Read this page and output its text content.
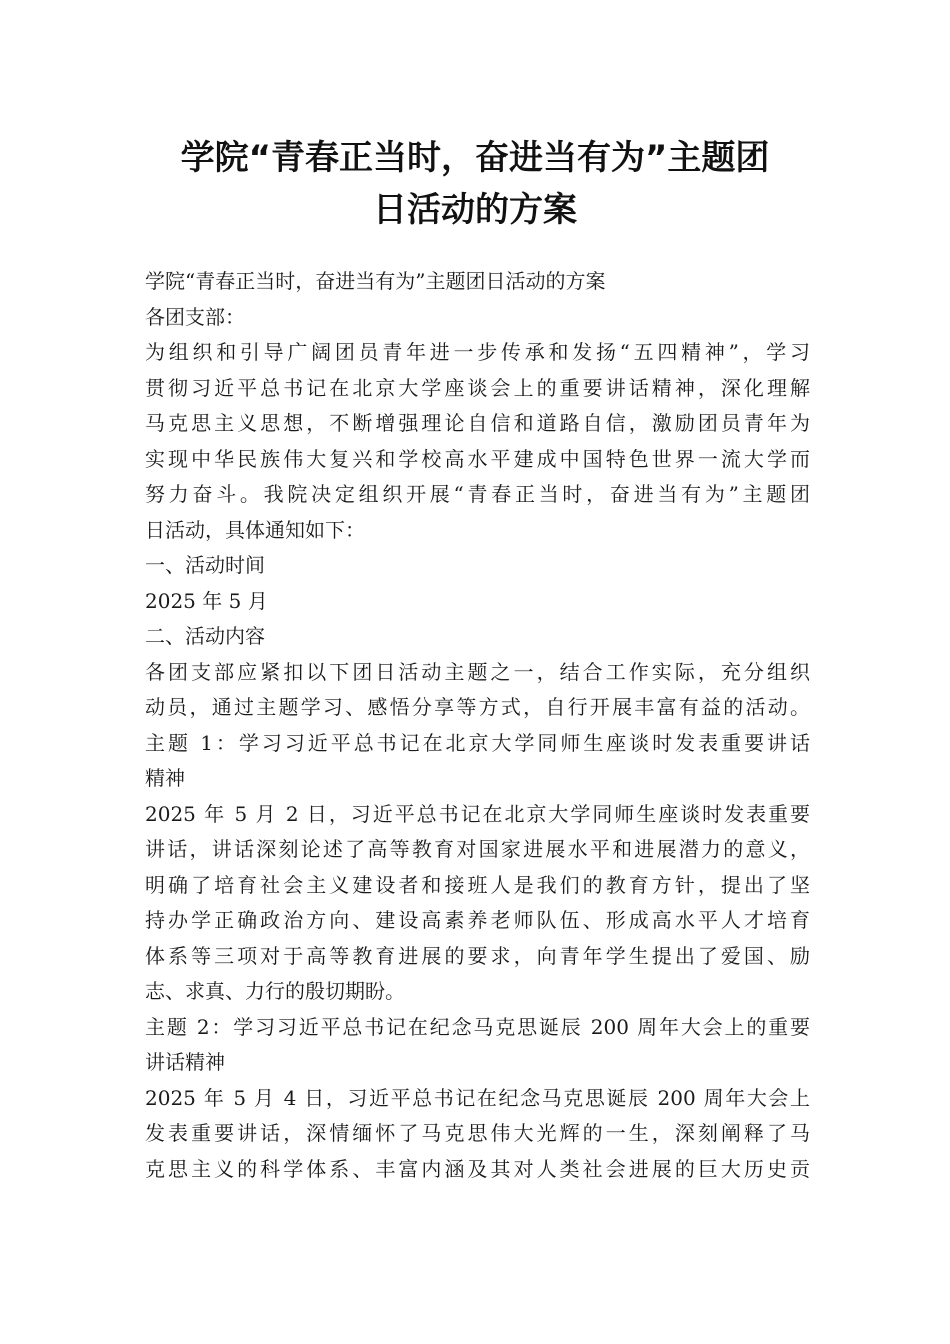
学院“青春正当时，奋进当有为”主题团
日活动的方案
学院“青春正当时，奋进当有为”主题团日活动的方案
各团支部：
为组织和引导广阔团员青年进一步传承和发扬“五四精神”，学习
贯彻习近平总书记在北京大学座谈会上的重要讲话精神，深化理解
马克思主义思想，不断增强理论自信和道路自信，激励团员青年为
实现中华民族伟大复兴和学校高水平建成中国特色世界一流大学而
努力奋斗。我院决定组织开展“青春正当时，奋进当有为”主题团
日活动，具体通知如下：
一、活动时间
2025 年 5 月
二、活动内容
各团支部应紧扣以下团日活动主题之一，结合工作实际，充分组织
动员，通过主题学习、感悟分享等方式，自行开展丰富有益的活动。
主题 1：学习习近平总书记在北京大学同师生座谈时发表重要讲话
精神
2025 年 5 月 2 日，习近平总书记在北京大学同师生座谈时发表重要
讲话，讲话深刻论述了高等教育对国家进展水平和进展潜力的意义，
明确了培育社会主义建设者和接班人是我们的教育方针，提出了坚
持办学正确政治方向、建设高素养老师队伍、形成高水平人才培育
体系等三项对于高等教育进展的要求，向青年学生提出了爱国、励
志、求真、力行的殷切期盼。
主题 2：学习习近平总书记在纪念马克思诞辰 200 周年大会上的重要
讲话精神
2025 年 5 月 4 日，习近平总书记在纪念马克思诞辰 200 周年大会上
发表重要讲话，深情缅怀了马克思伟大光辉的一生，深刻阐释了马
克思主义的科学体系、丰富内涵及其对人类社会进展的巨大历史贡
